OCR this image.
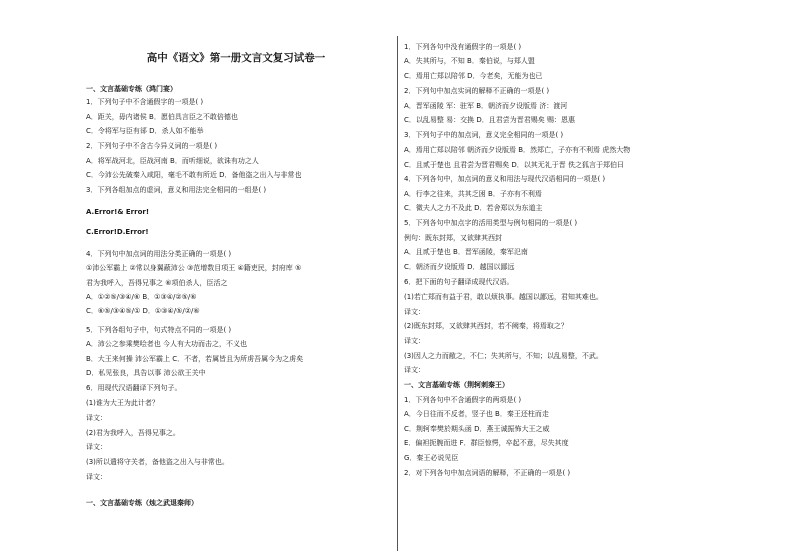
高中《语文》第一册文言文复习试卷一
一、文言基础专练（鸿门宴）
1．下列句子中不含通假字的一项是( )
A．距关，毋内诸侯 B．愿伯具言臣之不敢倍德也
C．令将军与臣有郤 D．杀人如不能举
2．下列句子中不含古今异义词的一项是( )
A．将军战河北，臣战河南 B．而听细说，欲诛有功之人
C．今沛公先破秦入咸阳，毫毛不敢有所近 D．备他盗之出入与非常也
3．下列各组加点的虚词，意义和用法完全相同的一组是( )
A.Error!& Error!
C.Error!D.Error!
4．下列句中加点词的用法分类正确的一项是( )
①沛公军霸上 ②常以身翼蔽沛公 ③范增数目项王 ④籍吏民，封府库 ⑤
君为我呼入，吾得兄事之 ⑥项伯杀人，臣活之
A．①②⑤/③④/⑥ B．①③④/②⑤/⑥
C．⑥⑤/③④⑤/① D．①③④/⑤/②/⑥
5．下列各组句子中，句式特点不同的一项是( )
A．沛公之参乘樊哙者也 今人有大功而击之，不义也
B．大王来何操 沛公军霸上 C．不者，若属皆且为所虏吾属今为之虏矣
D．私见张良，具告以事 沛公欲王关中
6．用现代汉语翻译下列句子。
(1)谁为大王为此计者？
译文：
(2)君为我呼入，吾得兄事之。
译文：
(3)所以遣将守关者，备他盗之出入与非常也。
译文：
一、文言基础专练（烛之武退秦师）
1．下列各句中没有通假字的一项是( )
A．失其所与，不知 B．秦伯说，与郑人盟
C．焉用亡郑以陪邻 D．今老矣，无能为也已
2．下列句中加点实词的解释不正确的一项是( )
A．晋军函陵 军：驻军 B．朝济而夕设版焉 济：渡河
C．以乱易整 易：交换 D．且君尝为晋君赐矣 赐：恩惠
3．下列句子中的加点词，意义完全相同的一项是( )
A．焉用亡郑以陪邻 朝济而夕设版焉 B．然郑亡，子亦有不利焉 虎然大物
C．且贰于楚也 且君尝为晋君赐矣 D．以其无礼于晋 佚之狐言于郑伯曰
4．下列各句中，加点词的意义和用法与现代汉语相同的一项是( )
A．行李之往来，共其乏困 B．子亦有不利焉
C．微夫人之力不及此 D．若舍郑以为东道主
5．下列各句中加点字的活用类型与例句相同的一项是( )
例句：既东封郑，又欲肆其西封
A．且贰于楚也 B．晋军函陵，秦军氾南
C．朝济而夕设版焉 D．越国以鄙远
6．把下面的句子翻译成现代汉语。
(1)若亡郑而有益于君，敢以烦执事。越国以鄙远，君知其难也。
译文：
(2)既东封郑，又欲肆其西封，若不阙秦，将焉取之？
译文：
(3)因人之力而敝之，不仁；失其所与，不知；以乱易整，不武。
译文：
一、文言基础专练（荆轲刺秦王）
1．下列各句中不含通假字的两项是( )
A．今日往而不反者，竖子也 B．秦王还柱而走
C．荆轲奉樊於期头函 D．燕王诚振怖大王之威
E．偏袒扼腕而进 F．群臣惊愕，卒起不意，尽失其度
G．秦王必说见臣
2．对下列各句中加点词语的解释，不正确的一项是( )
